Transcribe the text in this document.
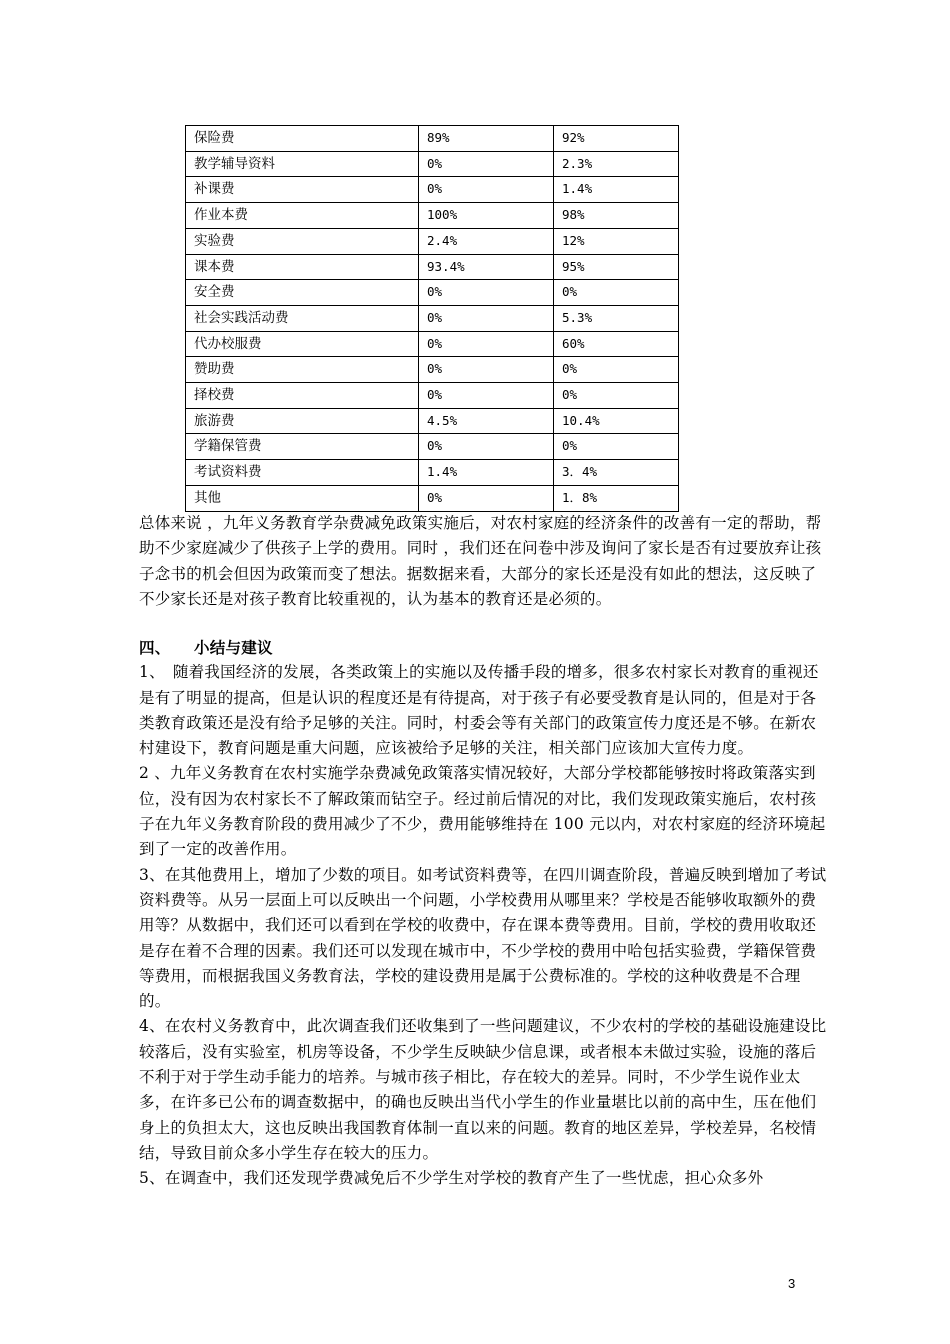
保险费	89%	92%
教学辅导资料	0%	2.3%
补课费	0%	1.4%
作业本费	100%	98%
实验费	2.4%	12%
课本费	93.4%	95%
安全费	0%	0%
社会实践活动费	0%	5.3%
代办校服费	0%	60%
赞助费	0%	0%
择校费	0%	0%
旅游费	4.5%	10.4%
学籍保管费	0%	0%
考试资料费	1.4%	3．4%
其他	0%	1．8%
总体来说 ，九年义务教育学杂费减免政策实施后，对农村家庭的经济条件的改善有一定的帮助，帮助不少家庭减少了供孩子上学的费用。同时 ，我们还在问卷中涉及询问了家长是否有过要放弃让孩子念书的机会但因为政策而变了想法。据数据来看，大部分的家长还是没有如此的想法，这反映了不少家长还是对孩子教育比较重视的，认为基本的教育还是必须的。

四、 小结与建议

1、　随着我国经济的发展，各类政策上的实施以及传播手段的增多，很多农村家长对教育的重视还是有了明显的提高，但是认识的程度还是有待提高，对于孩子有必要受教育是认同的，但是对于各类教育政策还是没有给予足够的关注。同时，村委会等有关部门的政策宣传力度还是不够。在新农村建设下，教育问题是重大问题，应该被给予足够的关注，相关部门应该加大宣传力度。

2 、九年义务教育在农村实施学杂费减免政策落实情况较好，大部分学校都能够按时将政策落实到位，没有因为农村家长不了解政策而钻空子。经过前后情况的对比，我们发现政策实施后，农村孩子在九年义务教育阶段的费用减少了不少，费用能够维持在 100 元以内，对农村家庭的经济环境起到了一定的改善作用。

3、在其他费用上，增加了少数的项目。如考试资料费等，在四川调查阶段，普遍反映到增加了考试资料费等。从另一层面上可以反映出一个问题，小学校费用从哪里来？学校是否能够收取额外的费用等？从数据中，我们还可以看到在学校的收费中，存在课本费等费用。目前，学校的费用收取还是存在着不合理的因素。我们还可以发现在城市中，不少学校的费用中哈包括实验费，学籍保管费等费用，而根据我国义务教育法，学校的建设费用是属于公费标准的。学校的这种收费是不合理的。

4、在农村义务教育中，此次调查我们还收集到了一些问题建议，不少农村的学校的基础设施建设比较落后，没有实验室，机房等设备，不少学生反映缺少信息课，或者根本未做过实验，设施的落后不利于对于学生动手能力的培养。与城市孩子相比，存在较大的差异。同时，不少学生说作业太多，在许多已公布的调查数据中，的确也反映出当代小学生的作业量堪比以前的高中生，压在他们身上的负担太大，这也反映出我国教育体制一直以来的问题。教育的地区差异，学校差异，名校情结，导致目前众多小学生存在较大的压力。

5、在调查中，我们还发现学费减免后不少学生对学校的教育产生了一些忧虑，担心众多外

3
